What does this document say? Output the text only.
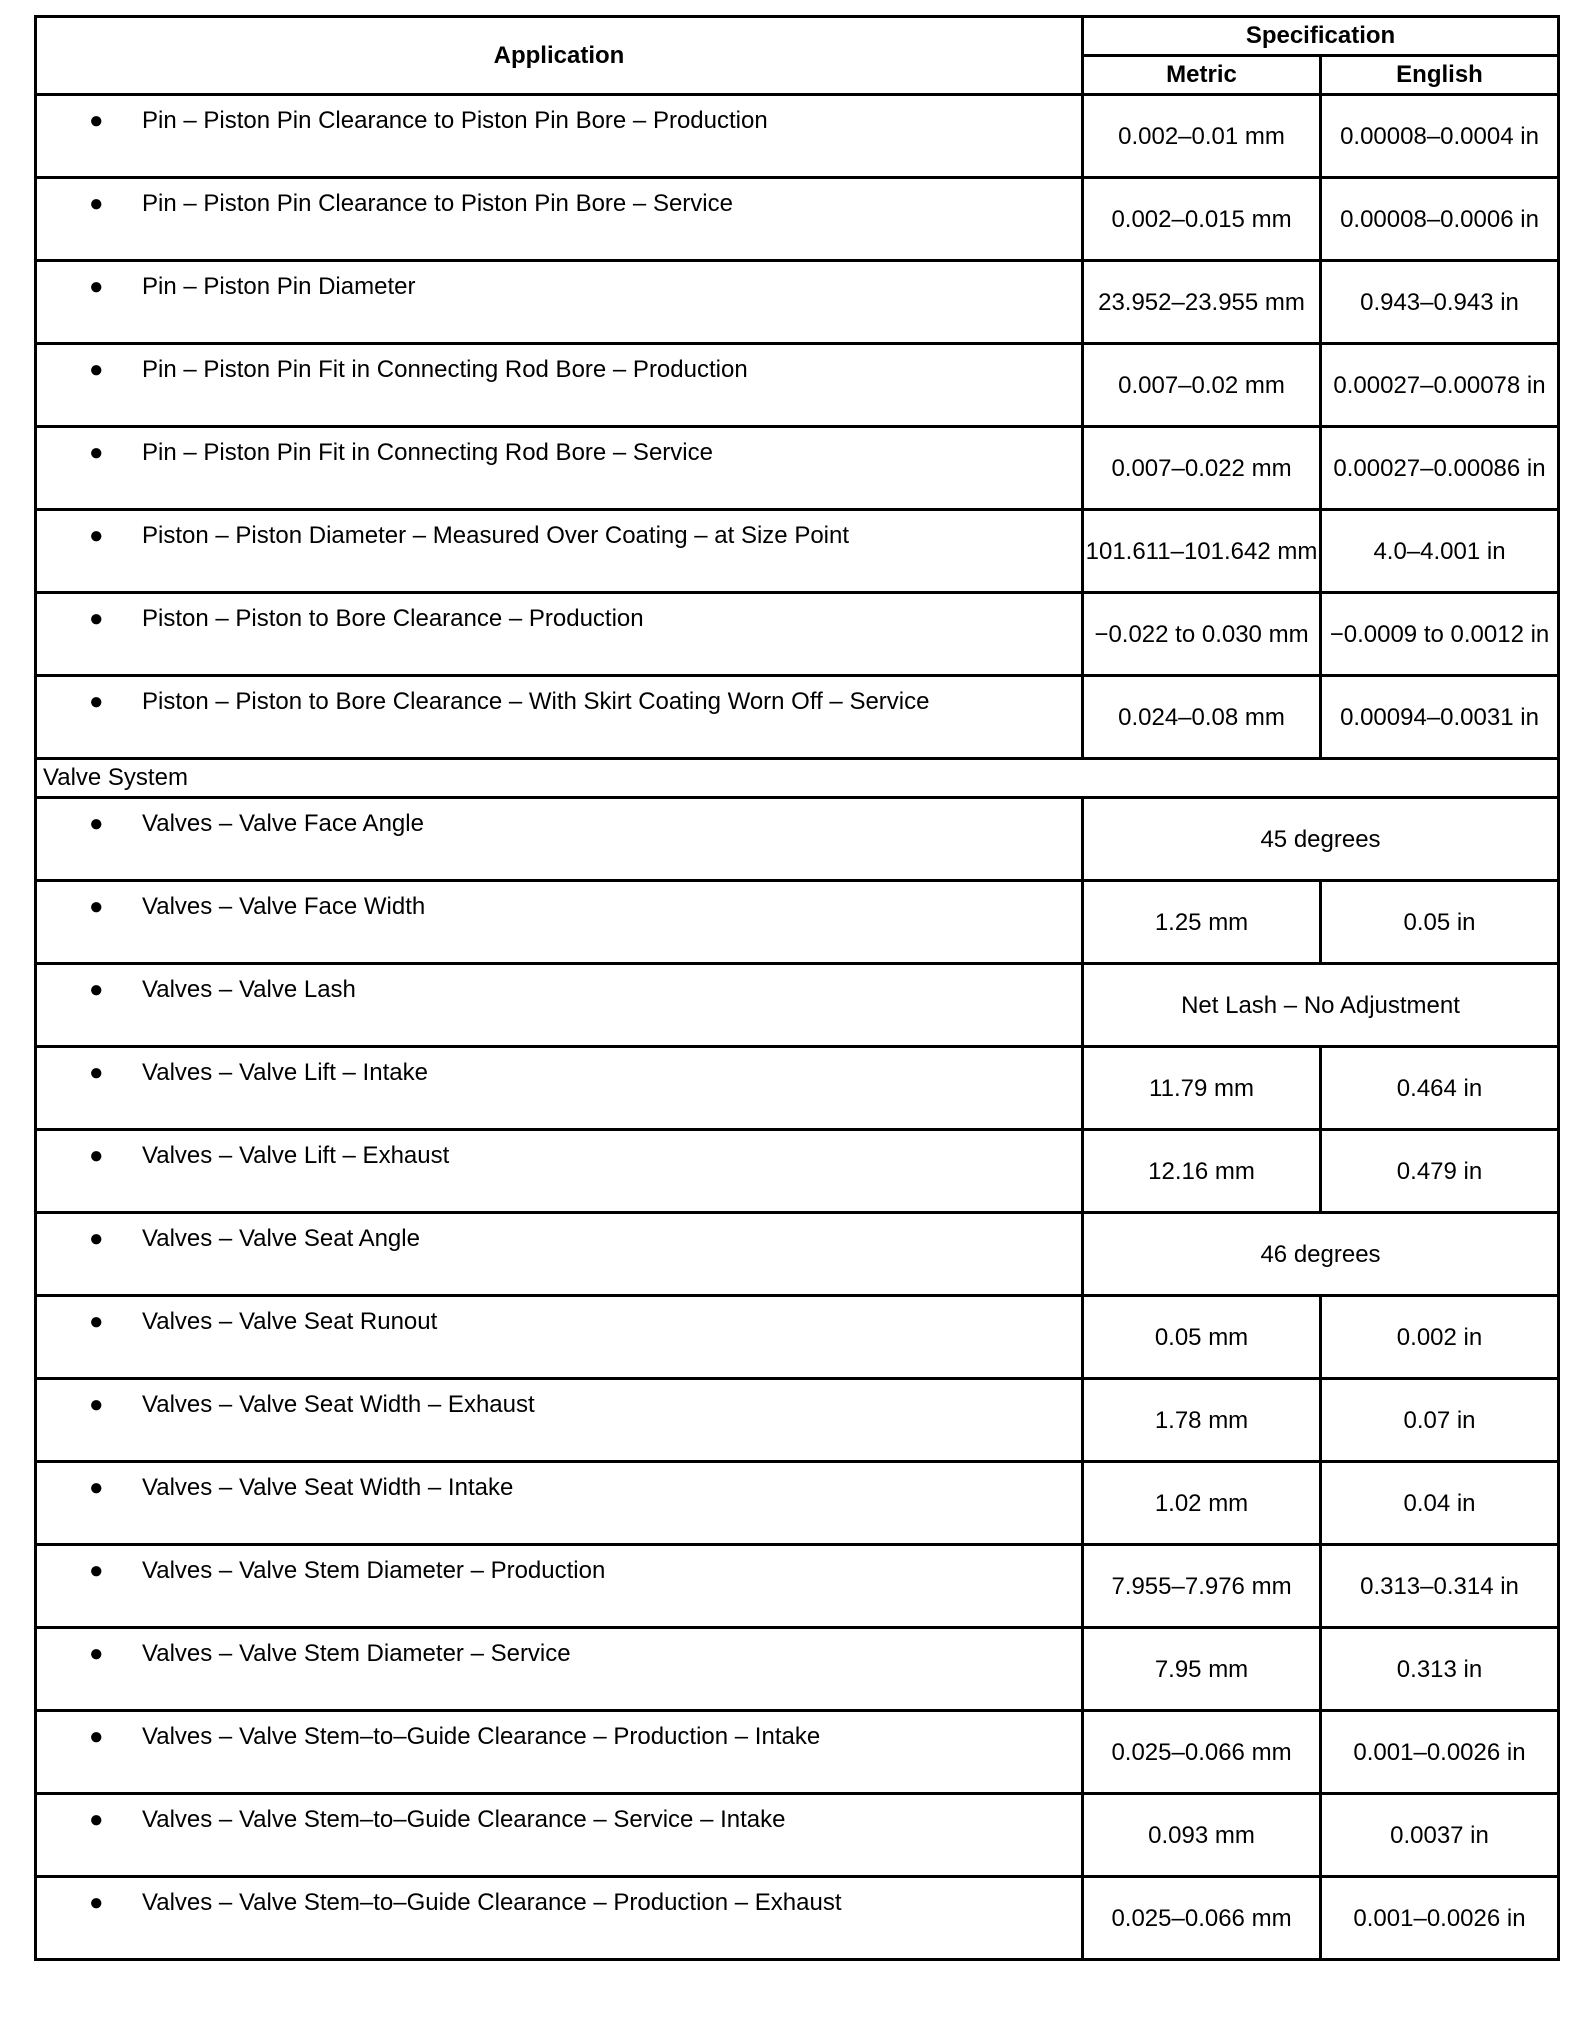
Application	Specification	
	Metric	English

● Pin – Piston Pin Clearance to Piston Pin Bore – Production	0.002–0.01 mm	0.00008–0.0004 in

● Pin – Piston Pin Clearance to Piston Pin Bore – Service	0.002–0.015 mm	0.00008–0.0006 in

● Pin – Piston Pin Diameter	23.952–23.955 mm	0.943–0.943 in

● Pin – Piston Pin Fit in Connecting Rod Bore – Production	0.007–0.02 mm	0.00027–0.00078 in

● Pin – Piston Pin Fit in Connecting Rod Bore – Service	0.007–0.022 mm	0.00027–0.00086 in

● Piston – Piston Diameter – Measured Over Coating – at Size Point	101.611–101.642 mm	4.0–4.001 in

● Piston – Piston to Bore Clearance – Production	−0.022 to 0.030 mm	−0.0009 to 0.0012 in

● Piston – Piston to Bore Clearance – With Skirt Coating Worn Off – Service	0.024–0.08 mm	0.00094–0.0031 in
Valve System		

● Valves – Valve Face Angle	45 degrees	

● Valves – Valve Face Width	1.25 mm	0.05 in

● Valves – Valve Lash	Net Lash – No Adjustment	

● Valves – Valve Lift – Intake	11.79 mm	0.464 in

● Valves – Valve Lift – Exhaust	12.16 mm	0.479 in

● Valves – Valve Seat Angle	46 degrees	

● Valves – Valve Seat Runout	0.05 mm	0.002 in

● Valves – Valve Seat Width – Exhaust	1.78 mm	0.07 in

● Valves – Valve Seat Width – Intake	1.02 mm	0.04 in

● Valves – Valve Stem Diameter – Production	7.955–7.976 mm	0.313–0.314 in

● Valves – Valve Stem Diameter – Service	7.95 mm	0.313 in

● Valves – Valve Stem–to–Guide Clearance – Production – Intake	0.025–0.066 mm	0.001–0.0026 in

● Valves – Valve Stem–to–Guide Clearance – Service – Intake	0.093 mm	0.0037 in

● Valves – Valve Stem–to–Guide Clearance – Production – Exhaust	0.025–0.066 mm	0.001–0.0026 in
